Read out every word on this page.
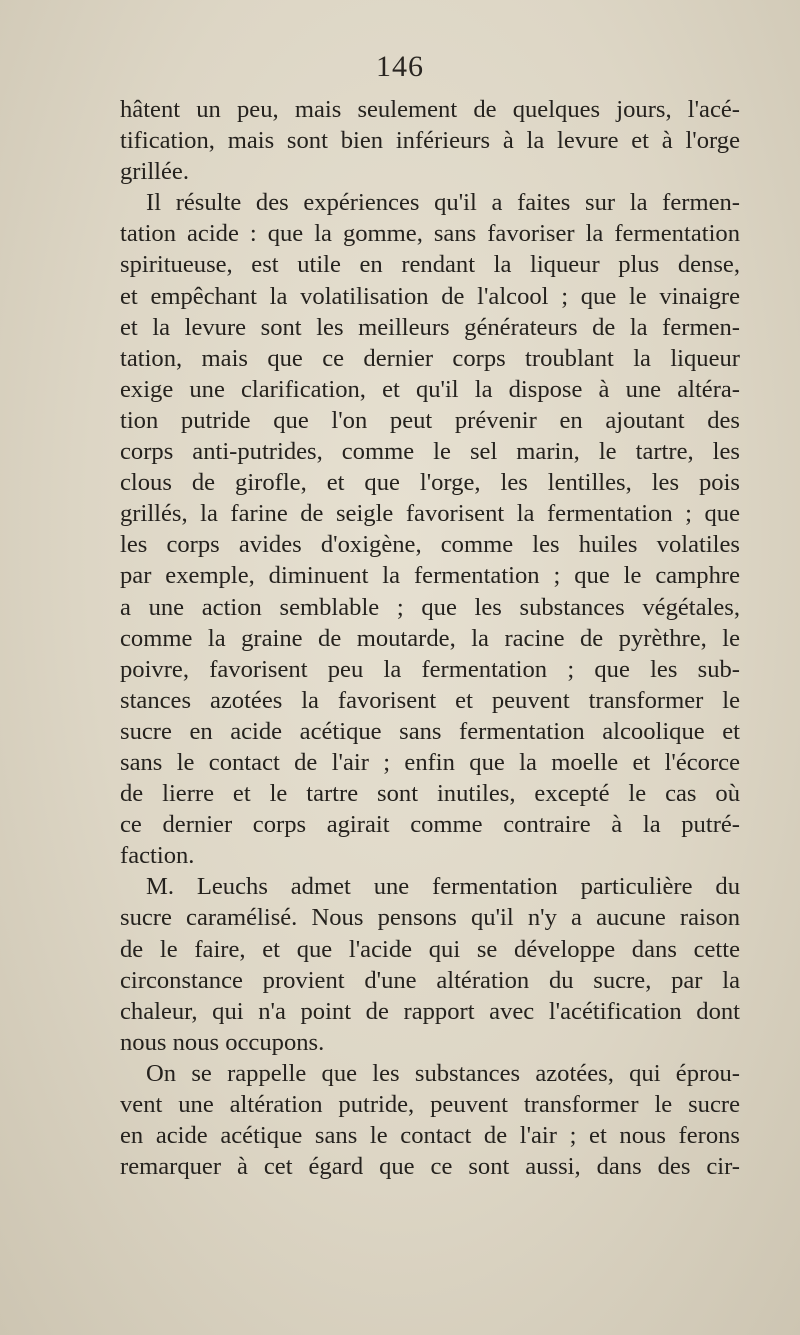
146
hâtent un peu, mais seulement de quelques jours, l'acé-
tification, mais sont bien inférieurs à la levure et à l'orge
grillée.
Il résulte des expériences qu'il a faites sur la fermen-
tation acide : que la gomme, sans favoriser la fermentation
spiritueuse, est utile en rendant la liqueur plus dense,
et empêchant la volatilisation de l'alcool ; que le vinaigre
et la levure sont les meilleurs générateurs de la fermen-
tation, mais que ce dernier corps troublant la liqueur
exige une clarification, et qu'il la dispose à une altéra-
tion putride que l'on peut prévenir en ajoutant des
corps anti-putrides, comme le sel marin, le tartre, les
clous de girofle, et que l'orge, les lentilles, les pois
grillés, la farine de seigle favorisent la fermentation ; que
les corps avides d'oxigène, comme les huiles volatiles
par exemple, diminuent la fermentation ; que le camphre
a une action semblable ; que les substances végétales,
comme la graine de moutarde, la racine de pyrèthre, le
poivre, favorisent peu la fermentation ; que les sub-
stances azotées la favorisent et peuvent transformer le
sucre en acide acétique sans fermentation alcoolique et
sans le contact de l'air ; enfin que la moelle et l'écorce
de lierre et le tartre sont inutiles, excepté le cas où
ce dernier corps agirait comme contraire à la putré-
faction.
M. Leuchs admet une fermentation particulière du
sucre caramélisé. Nous pensons qu'il n'y a aucune raison
de le faire, et que l'acide qui se développe dans cette
circonstance provient d'une altération du sucre, par la
chaleur, qui n'a point de rapport avec l'acétification dont
nous nous occupons.
On se rappelle que les substances azotées, qui éprou-
vent une altération putride, peuvent transformer le sucre
en acide acétique sans le contact de l'air ; et nous ferons
remarquer à cet égard que ce sont aussi, dans des cir-
